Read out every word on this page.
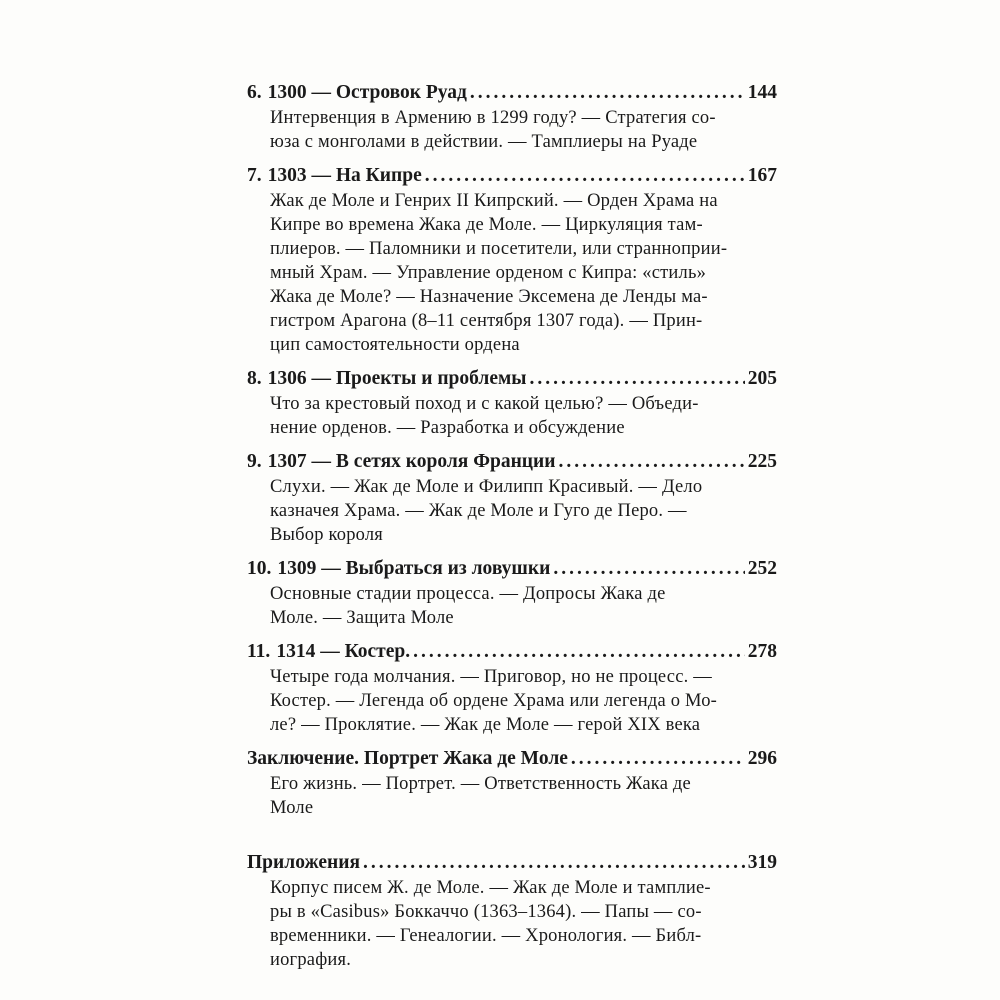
6. 1300 — Островок Руад .....	144
Интервенция в Армению в 1299 году? — Стратегия со-
юза с монголами в действии. — Тамплиеры на Руаде
7. 1303 — На Кипре .....	167
Жак де Моле и Генрих II Кипрский. — Орден Храма на
Кипре во времена Жака де Моле. — Циркуляция там-
плиеров. — Паломники и посетители, или странноприи-
мный Храм. — Управление орденом с Кипра: «стиль»
Жака де Моле? — Назначение Эксемена де Ленды ма-
гистром Арагона (8–11 сентября 1307 года). — Прин-
цип самостоятельности ордена
8. 1306 — Проекты и проблемы .....	205
Что за крестовый поход и с какой целью? — Объеди-
нение орденов. — Разработка и обсуждение
9. 1307 — В сетях короля Франции .....	225
Слухи. — Жак де Моле и Филипп Красивый. — Дело
казначея Храма. — Жак де Моле и Гуго де Перо. —
Выбор короля
10. 1309 — Выбраться из ловушки .....	252
Основные стадии процесса. — Допросы Жака де
Моле. — Защита Моле
11. 1314 — Костер. .....	278
Четыре года молчания. — Приговор, но не процесс. —
Костер. — Легенда об ордене Храма или легенда о Мо-
ле? — Проклятие. — Жак де Моле — герой XIX века
Заключение. Портрет Жака де Моле .....	296
Его жизнь. — Портрет. — Ответственность Жака де
Моле
Приложения .....	319
Корпус писем Ж. де Моле. — Жак де Моле и тамплие-
ры в «Casibus» Боккаччо (1363–1364). — Папы — со-
временники. — Генеалогии. — Хронология. — Библ-
иография.
